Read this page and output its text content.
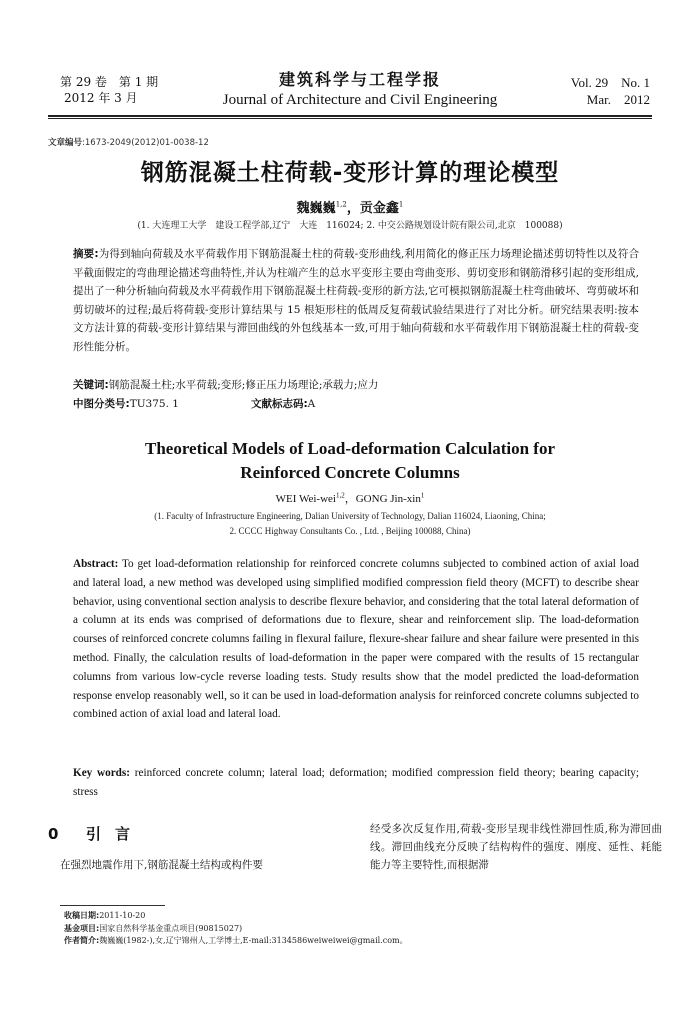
第 29 卷　第 1 期
2012 年 3 月
建筑科学与工程学报
Journal of Architecture and Civil Engineering
Vol. 29　No. 1
Mar.　2012
文章编号:1673-2049(2012)01-0038-12
钢筋混凝土柱荷载-变形计算的理论模型
魏巍巍$^{1,2}$，贡金鑫$^1$
(1. 大连理工大学　建设工程学部,辽宁　大连　116024; 2. 中交公路规划设计院有限公司,北京　100088)
摘要:为得到轴向荷载及水平荷载作用下钢筋混凝土柱的荷载-变形曲线,利用简化的修正压力场理论描述剪切特性以及符合平截面假定的弯曲理论描述弯曲特性,并认为柱端产生的总水平变形主要由弯曲变形、剪切变形和钢筋滑移引起的变形组成,提出了一种分析轴向荷载及水平荷载作用下钢筋混凝土柱荷载-变形的新方法,它可模拟钢筋混凝土柱弯曲破坏、弯剪破坏和剪切破坏的过程;最后将荷载-变形计算结果与 15 根矩形柱的低周反复荷载试验结果进行了对比分析。研究结果表明:按本文方法计算的荷载-变形计算结果与滞回曲线的外包线基本一致,可用于轴向荷载和水平荷载作用下钢筋混凝土柱的荷载-变形性能分析。
关键词:钢筋混凝土柱;水平荷载;变形;修正压力场理论;承载力;应力
中图分类号:TU375. 1	文献标志码:A
Theoretical Models of Load-deformation Calculation for
Reinforced Concrete Columns
WEI Wei-wei$^{1,2}$，GONG Jin-xin$^1$
(1. Faculty of Infrastructure Engineering, Dalian University of Technology, Dalian 116024, Liaoning, China;
2. CCCC Highway Consultants Co. , Ltd. , Beijing 100088, China)
Abstract: To get load-deformation relationship for reinforced concrete columns subjected to combined action of axial load and lateral load, a new method was developed using simplified modified compression field theory (MCFT) to describe shear behavior, using conventional section analysis to describe flexure behavior, and considering that the total lateral deformation of a column at its ends was comprised of deformations due to flexure, shear and reinforcement slip. The load-deformation courses of reinforced concrete columns failing in flexural failure, flexure-shear failure and shear failure were presented in this method. Finally, the calculation results of load-deformation in the paper were compared with the results of 15 rectangular columns from various low-cycle reverse loading tests. Study results show that the model predicted the load-deformation response envelop reasonably well, so it can be used in load-deformation analysis for reinforced concrete columns subjected to combined action of axial load and lateral load.
Key words: reinforced concrete column; lateral load; deformation; modified compression field theory; bearing capacity; stress
0 引言
在强烈地震作用下,钢筋混凝土结构或构件要
经受多次反复作用,荷载-变形呈现非线性滞回性质,称为滞回曲线。滞回曲线充分反映了结构构件的强度、刚度、延性、耗能能力等主要特性,而根据滞
收稿日期:2011-10-20
基金项目:国家自然科学基金重点项目(90815027)
作者简介:魏巍巍(1982-),女,辽宁锦州人,工学博士,E-mail:3134586weiweiwei@gmail.com。
